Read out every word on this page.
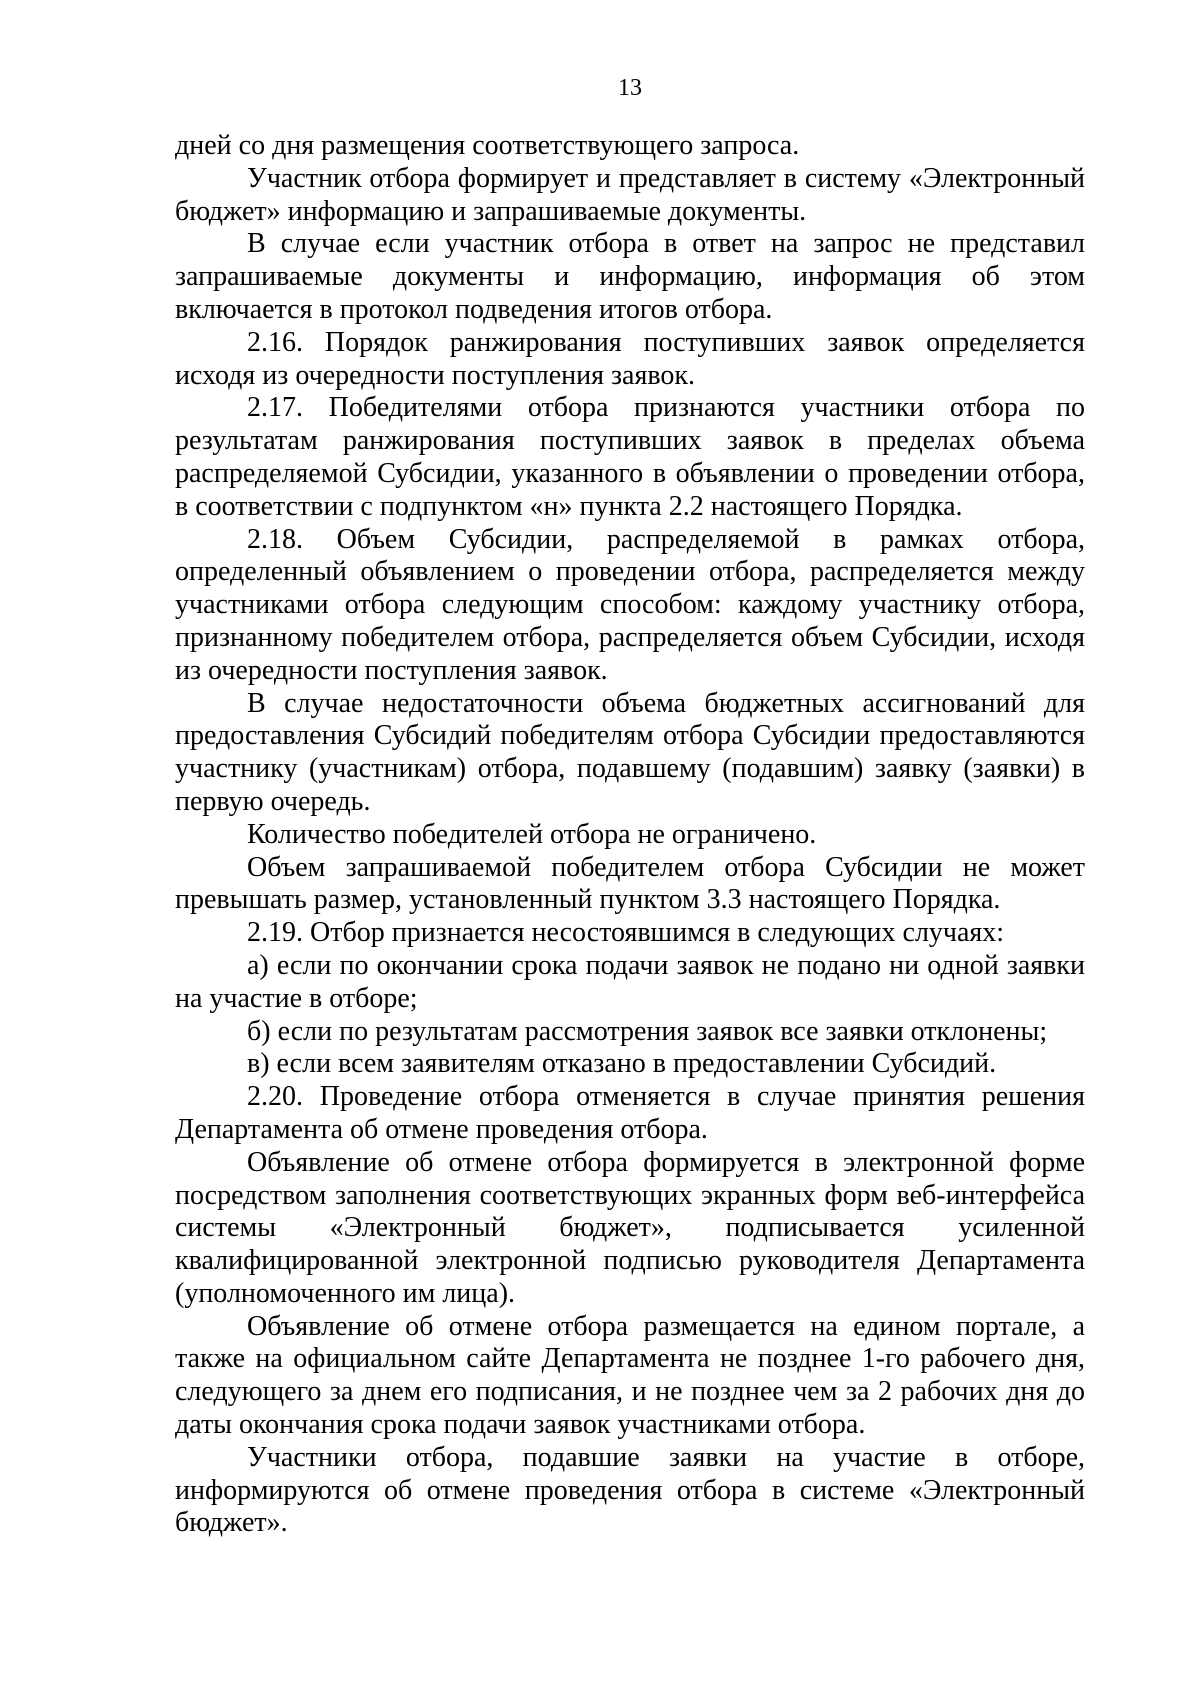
13

дней со дня размещения соответствующего запроса.

Участник отбора формирует и представляет в систему «Электронный бюджет» информацию и запрашиваемые документы.

В случае если участник отбора в ответ на запрос не представил запрашиваемые документы и информацию, информация об этом включается в протокол подведения итогов отбора.

2.16. Порядок ранжирования поступивших заявок определяется исходя из очередности поступления заявок.

2.17. Победителями отбора признаются участники отбора по результатам ранжирования поступивших заявок в пределах объема распределяемой Субсидии, указанного в объявлении о проведении отбора, в соответствии с подпунктом «н» пункта 2.2 настоящего Порядка.

2.18. Объем Субсидии, распределяемой в рамках отбора, определенный объявлением о проведении отбора, распределяется между участниками отбора следующим способом: каждому участнику отбора, признанному победителем отбора, распределяется объем Субсидии, исходя из очередности поступления заявок.

В случае недостаточности объема бюджетных ассигнований для предоставления Субсидий победителям отбора Субсидии предоставляются участнику (участникам) отбора, подавшему (подавшим) заявку (заявки) в первую очередь.

Количество победителей отбора не ограничено.

Объем запрашиваемой победителем отбора Субсидии не может превышать размер, установленный пунктом 3.3 настоящего Порядка.

2.19. Отбор признается несостоявшимся в следующих случаях:

а) если по окончании срока подачи заявок не подано ни одной заявки на участие в отборе;

б) если по результатам рассмотрения заявок все заявки отклонены;

в) если всем заявителям отказано в предоставлении Субсидий.

2.20. Проведение отбора отменяется в случае принятия решения Департамента об отмене проведения отбора.

Объявление об отмене отбора формируется в электронной форме посредством заполнения соответствующих экранных форм веб-интерфейса системы «Электронный бюджет», подписывается усиленной квалифицированной электронной подписью руководителя Департамента (уполномоченного им лица).

Объявление об отмене отбора размещается на едином портале, а также на официальном сайте Департамента не позднее 1-го рабочего дня, следующего за днем его подписания, и не позднее чем за 2 рабочих дня до даты окончания срока подачи заявок участниками отбора.

Участники отбора, подавшие заявки на участие в отборе, информируются об отмене проведения отбора в системе «Электронный бюджет».
